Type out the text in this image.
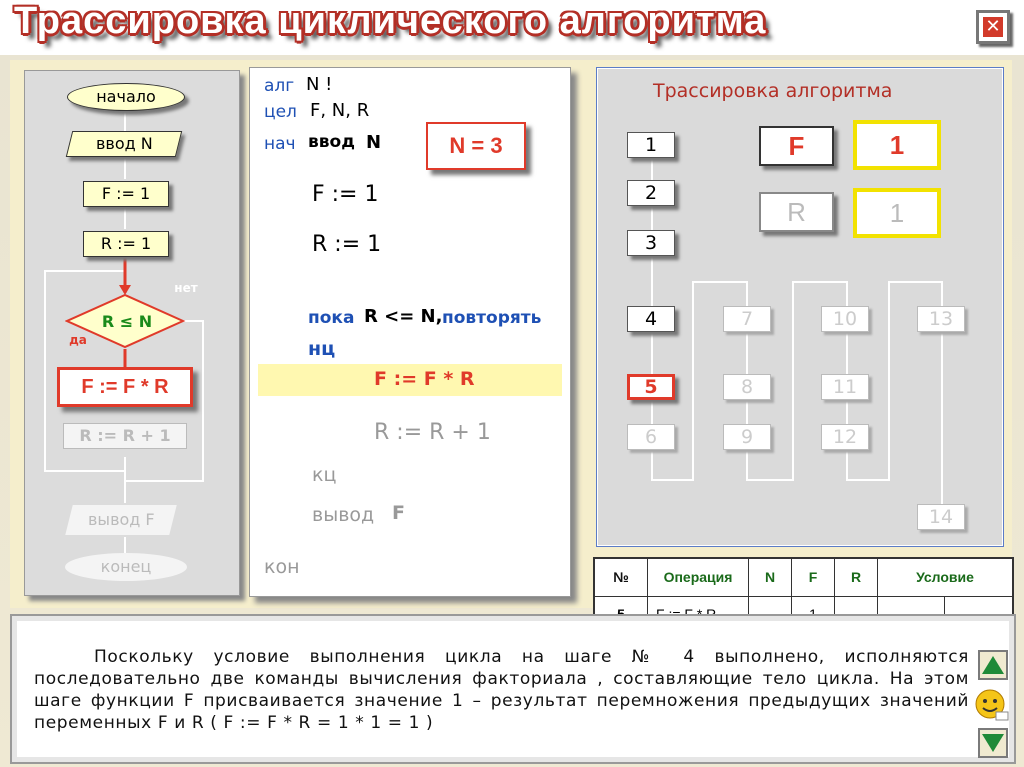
Трассировка циклического алгоритма	✕
начало
ввод N
F := 1
R := 1
R ≤ N
нет
да
F := F * R
R := R + 1
вывод F
конец
алг N !
цел F, N, R
нач ввод N	N = 3
F := 1
R := 1
пока R <= N, повторять
нц
F := F * R
R := R + 1
кц
вывод F
кон
Трассировка алгоритма
1
2
3
4
5
6
7
8
9
10
11
12
13
14
F	1
R	1
№	Операция	N	F	R	Условие	

Поскольку условие выполнения цикла на шаге № 4 выполнено, исполняются последовательно две команды вычисления факториала , составляющие тело цикла. На этом шаге функции F присваивается значение 1 – результат перемножения предыдущих значений переменных F и R ( F := F * R = 1 * 1 = 1 )
